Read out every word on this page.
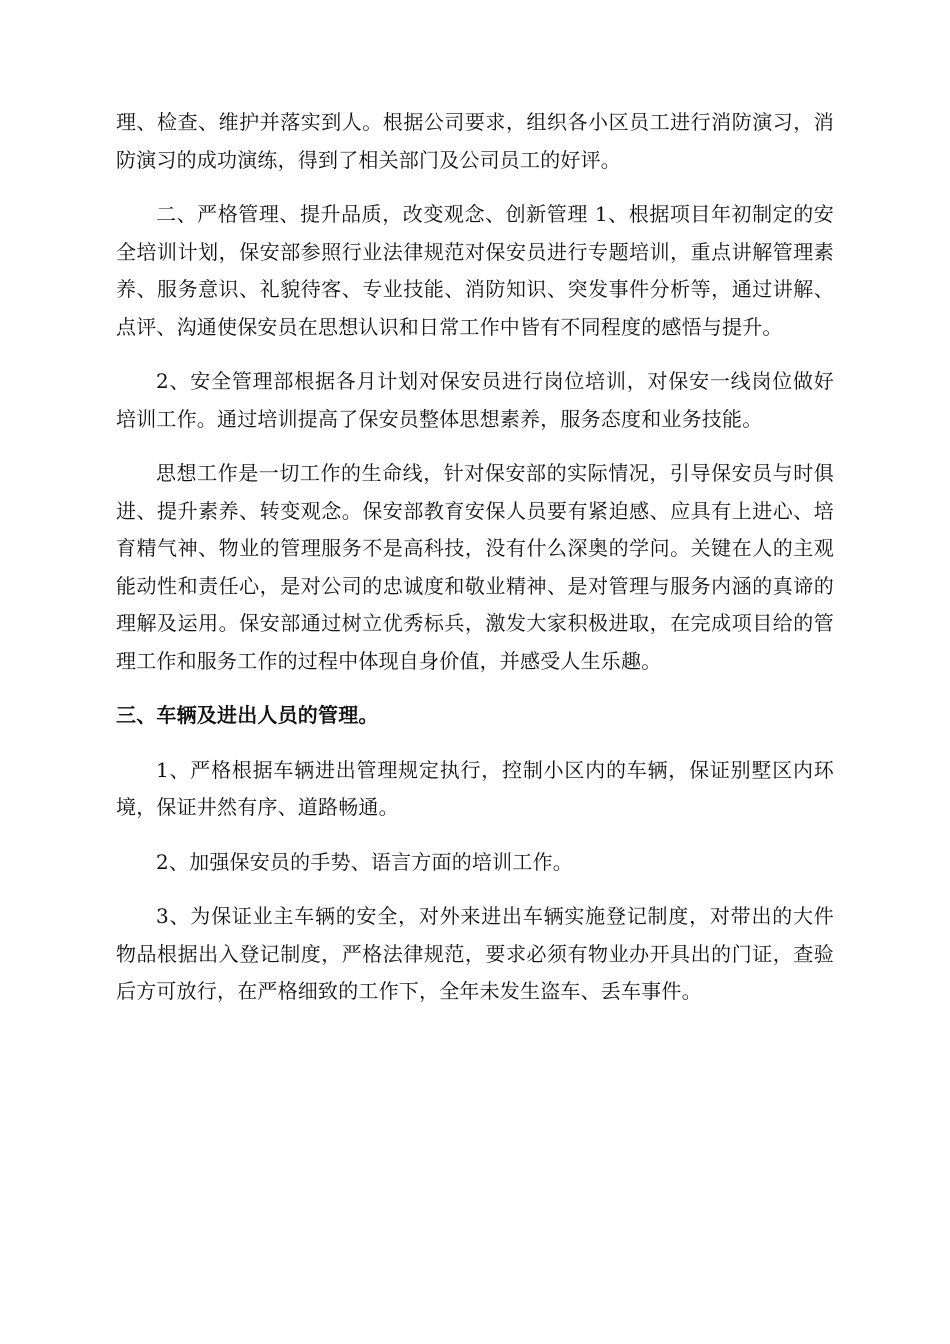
理、检查、维护并落实到人。根据公司要求，组织各小区员工进行消防演习，消防演习的成功演练，得到了相关部门及公司员工的好评。

二、严格管理、提升品质，改变观念、创新管理 1、根据项目年初制定的安全培训计划，保安部参照行业法律规范对保安员进行专题培训，重点讲解管理素养、服务意识、礼貌待客、专业技能、消防知识、突发事件分析等，通过讲解、点评、沟通使保安员在思想认识和日常工作中皆有不同程度的感悟与提升。

2、安全管理部根据各月计划对保安员进行岗位培训，对保安一线岗位做好培训工作。通过培训提高了保安员整体思想素养，服务态度和业务技能。

思想工作是一切工作的生命线，针对保安部的实际情况，引导保安员与时俱进、提升素养、转变观念。保安部教育安保人员要有紧迫感、应具有上进心、培育精气神、物业的管理服务不是高科技，没有什么深奥的学问。关键在人的主观能动性和责任心，是对公司的忠诚度和敬业精神、是对管理与服务内涵的真谛的理解及运用。保安部通过树立优秀标兵，激发大家积极进取，在完成项目给的管理工作和服务工作的过程中体现自身价值，并感受人生乐趣。

三、车辆及进出人员的管理。

1、严格根据车辆进出管理规定执行，控制小区内的车辆，保证别墅区内环境，保证井然有序、道路畅通。

2、加强保安员的手势、语言方面的培训工作。

3、为保证业主车辆的安全，对外来进出车辆实施登记制度，对带出的大件物品根据出入登记制度，严格法律规范，要求必须有物业办开具出的门证，查验后方可放行，在严格细致的工作下，全年未发生盗车、丢车事件。
